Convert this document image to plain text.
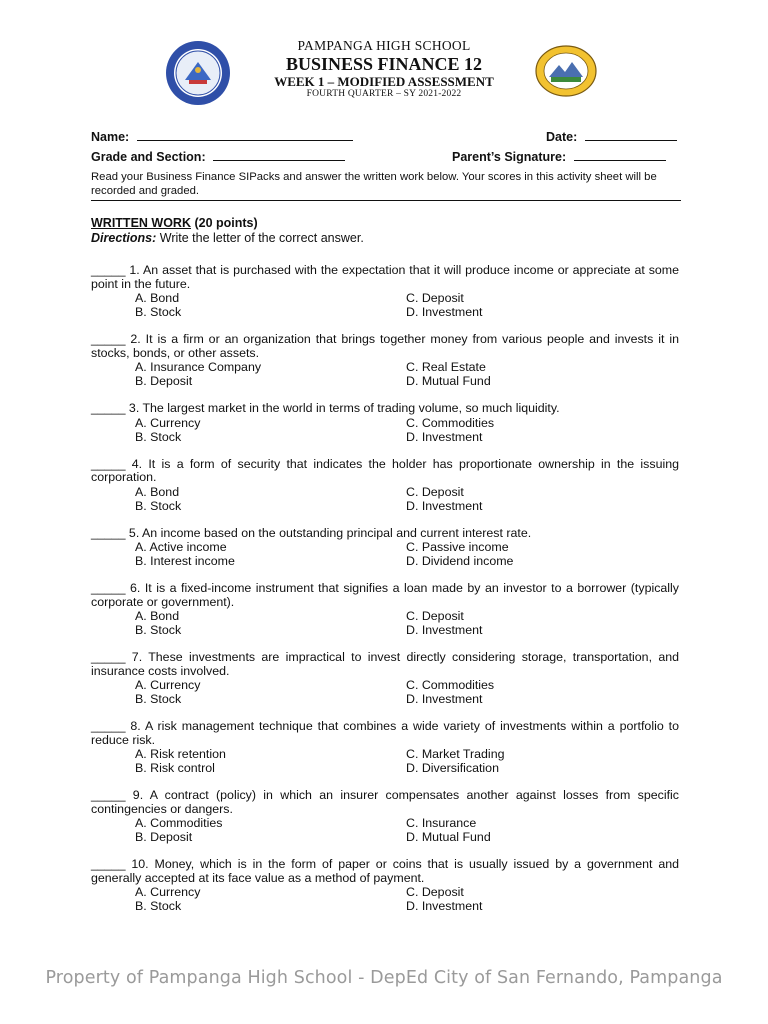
PAMPANGA HIGH SCHOOL
BUSINESS FINANCE 12
WEEK 1 – MODIFIED ASSESSMENT
FOURTH QUARTER – SY 2021-2022
Name:	Date:
Grade and Section:	Parent’s Signature:
Read your Business Finance SIPacks and answer the written work below. Your scores in this activity sheet will be recorded and graded.
WRITTEN WORK (20 points)
Directions: Write the letter of the correct answer.
_____ 1. An asset that is purchased with the expectation that it will produce income or appreciate at some point in the future.
A. Bond	C. Deposit
B. Stock	D. Investment
_____ 2. It is a firm or an organization that brings together money from various people and invests it in stocks, bonds, or other assets.
A. Insurance Company	C. Real Estate
B. Deposit	D. Mutual Fund
_____ 3. The largest market in the world in terms of trading volume, so much liquidity.
A. Currency	C. Commodities
B. Stock	D. Investment
_____ 4. It is a form of security that indicates the holder has proportionate ownership in the issuing corporation.
A. Bond	C. Deposit
B. Stock	D. Investment
_____ 5. An income based on the outstanding principal and current interest rate.
A. Active income	C. Passive income
B. Interest income	D. Dividend income
_____ 6. It is a fixed-income instrument that signifies a loan made by an investor to a borrower (typically corporate or government).
A. Bond	C. Deposit
B. Stock	D. Investment
_____ 7. These investments are impractical to invest directly considering storage, transportation, and insurance costs involved.
A. Currency	C. Commodities
B. Stock	D. Investment
_____ 8. A risk management technique that combines a wide variety of investments within a portfolio to reduce risk.
A. Risk retention	C. Market Trading
B. Risk control	D. Diversification
_____ 9. A contract (policy) in which an insurer compensates another against losses from specific contingencies or dangers.
A. Commodities	C. Insurance
B. Deposit	D. Mutual Fund
_____ 10. Money, which is in the form of paper or coins that is usually issued by a government and generally accepted at its face value as a method of payment.
A. Currency	C. Deposit
B. Stock	D. Investment
Property of Pampanga High School - DepEd City of San Fernando, Pampanga
